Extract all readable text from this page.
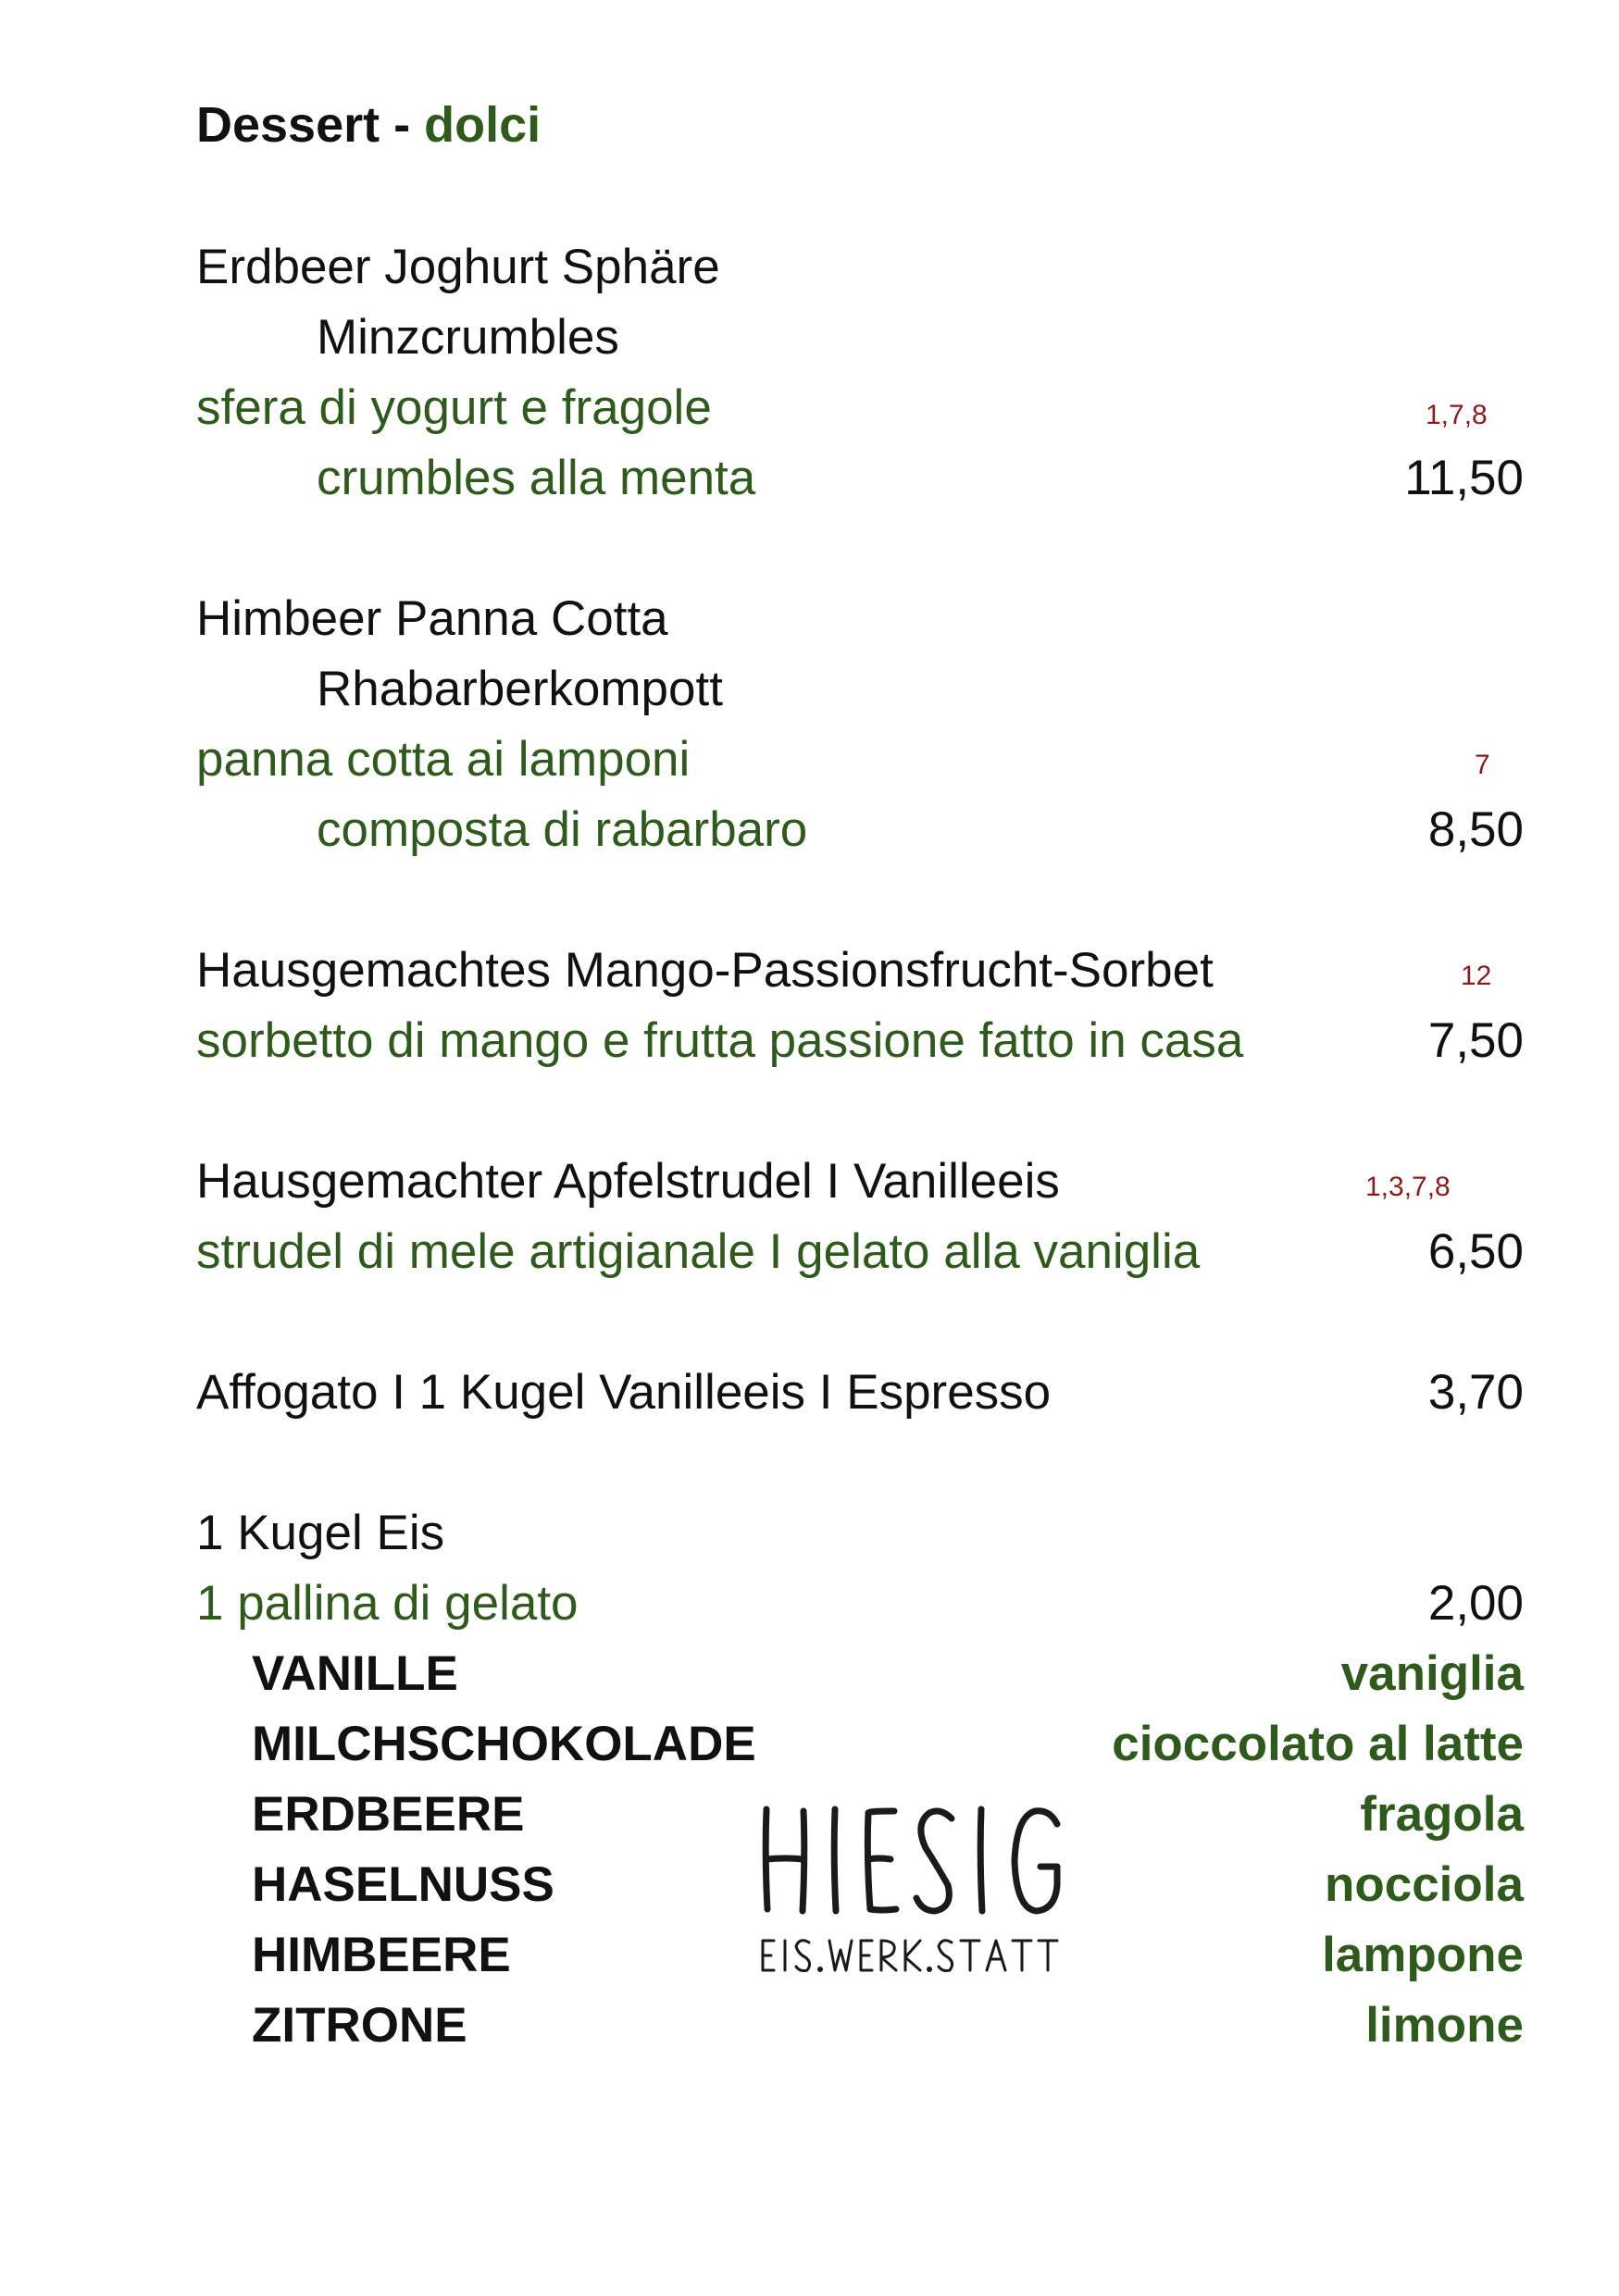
Dessert - dolci
Erdbeer Joghurt Sphäre
Minzcrumbles
sfera di yogurt e fragole	1,7,8
crumbles alla menta	11,50
Himbeer Panna Cotta
Rhabarberkompott
panna cotta ai lamponi	7
composta di rabarbaro	8,50
Hausgemachtes Mango-Passionsfrucht-Sorbet	12
sorbetto di mango e frutta passione fatto in casa	7,50
Hausgemachter Apfelstrudel I Vanilleeis	1,3,7,8
strudel di mele artigianale I gelato alla vaniglia	6,50
Affogato I 1 Kugel Vanilleeis I Espresso	3,70
1 Kugel Eis
1 pallina di gelato	2,00
VANILLE	vaniglia
MILCHSCHOKOLADE	cioccolato al latte
ERDBEERE	fragola
HASELNUSS	nocciola
HIMBEERE	lampone
ZITRONE	limone
